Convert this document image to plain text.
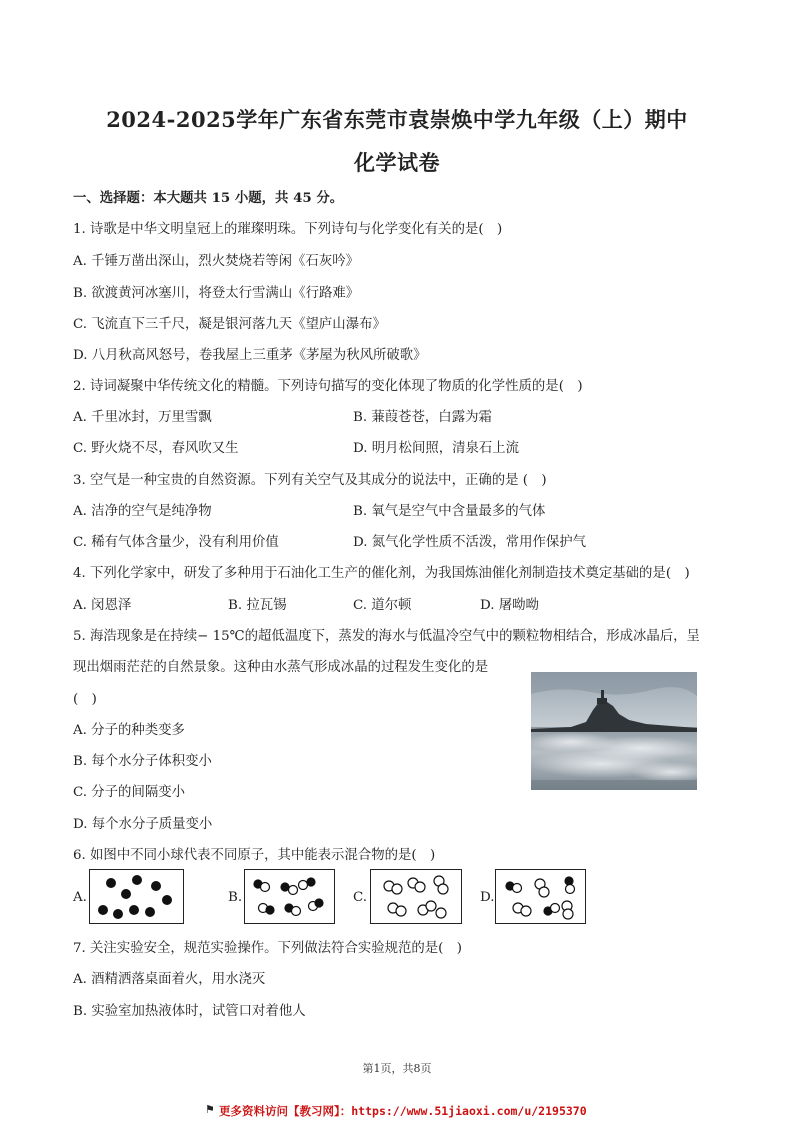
2024-2025学年广东省东莞市袁崇焕中学九年级（上）期中
化学试卷
一、选择题：本大题共 15 小题，共 45 分。
1. 诗歌是中华文明皇冠上的璀璨明珠。下列诗句与化学变化有关的是(　)
A. 千锤万凿出深山，烈火焚烧若等闲《石灰吟》
B. 欲渡黄河冰塞川，将登太行雪满山《行路难》
C. 飞流直下三千尺，凝是银河落九天《望庐山瀑布》
D. 八月秋高风怒号，卷我屋上三重茅《茅屋为秋风所破歌》
2. 诗词凝聚中华传统文化的精髓。下列诗句描写的变化体现了物质的化学性质的是(　)
A. 千里冰封，万里雪飘	B. 蒹葭苍苍，白露为霜
C. 野火烧不尽，春风吹又生	D. 明月松间照，清泉石上流
3. 空气是一种宝贵的自然资源。下列有关空气及其成分的说法中，正确的是 (　)
A. 洁净的空气是纯净物	B. 氧气是空气中含量最多的气体
C. 稀有气体含量少，没有利用价值	D. 氮气化学性质不活泼，常用作保护气
4. 下列化学家中，研发了多种用于石油化工生产的催化剂，为我国炼油催化剂制造技术奠定基础的是(　)
A. 闵恩泽	B. 拉瓦锡	C. 道尔顿	D. 屠呦呦
5. 海浩现象是在持续− 15℃的超低温度下，蒸发的海水与低温冷空气中的颗粒物相结合，形成冰晶后，呈
现出烟雨茫茫的自然景象。这种由水蒸气形成冰晶的过程发生变化的是
(　)
A. 分子的种类变多
B. 每个水分子体积变小
C. 分子的间隔变小
D. 每个水分子质量变小
6. 如图中不同小球代表不同原子，其中能表示混合物的是(　)
A.	B.	C.	D.
7. 关注实验安全，规范实验操作。下列做法符合实验规范的是(　)
A. 酒精洒落桌面着火，用水浇灭
B. 实验室加热液体时，试管口对着他人
第1页，共8页
⚑ 更多资料访问【教习网】：https://www.51jiaoxi.com/u/2195370
